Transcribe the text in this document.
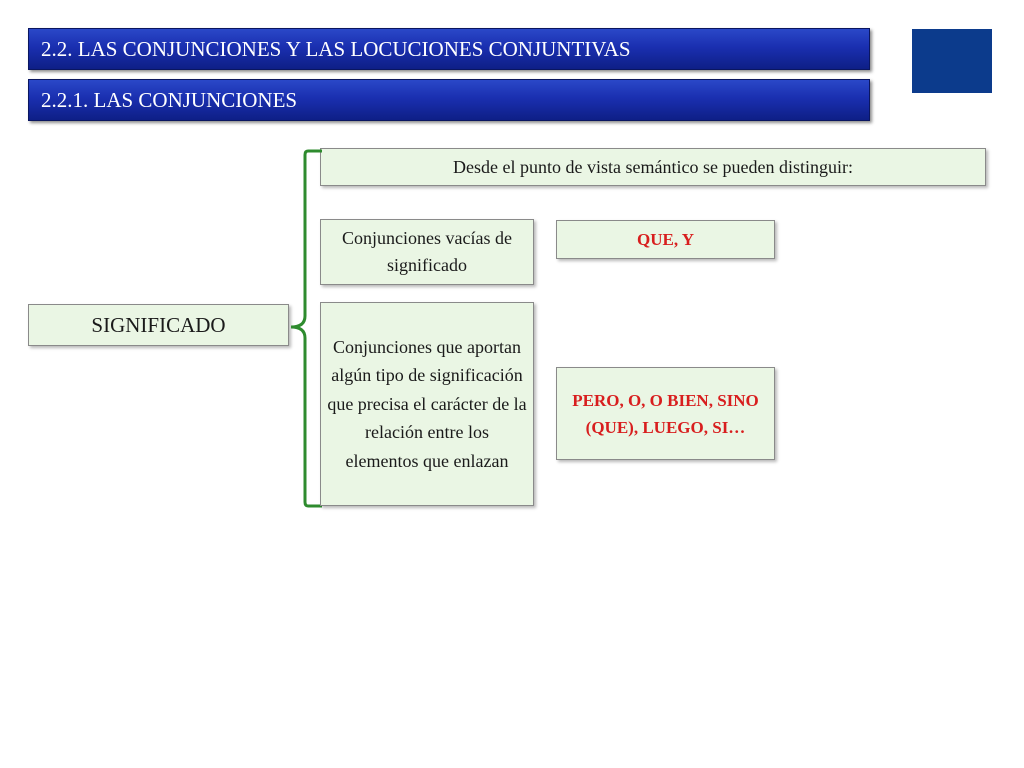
2.2. LAS CONJUNCIONES Y LAS LOCUCIONES CONJUNTIVAS
2.2.1. LAS CONJUNCIONES
Desde el punto de vista semántico se pueden distinguir:
SIGNIFICADO
Conjunciones vacías de significado
Conjunciones que aportan algún tipo de significación que precisa el carácter de la relación entre los elementos que enlazan
QUE, Y
PERO, O, O BIEN, SINO (QUE), LUEGO, SI…
